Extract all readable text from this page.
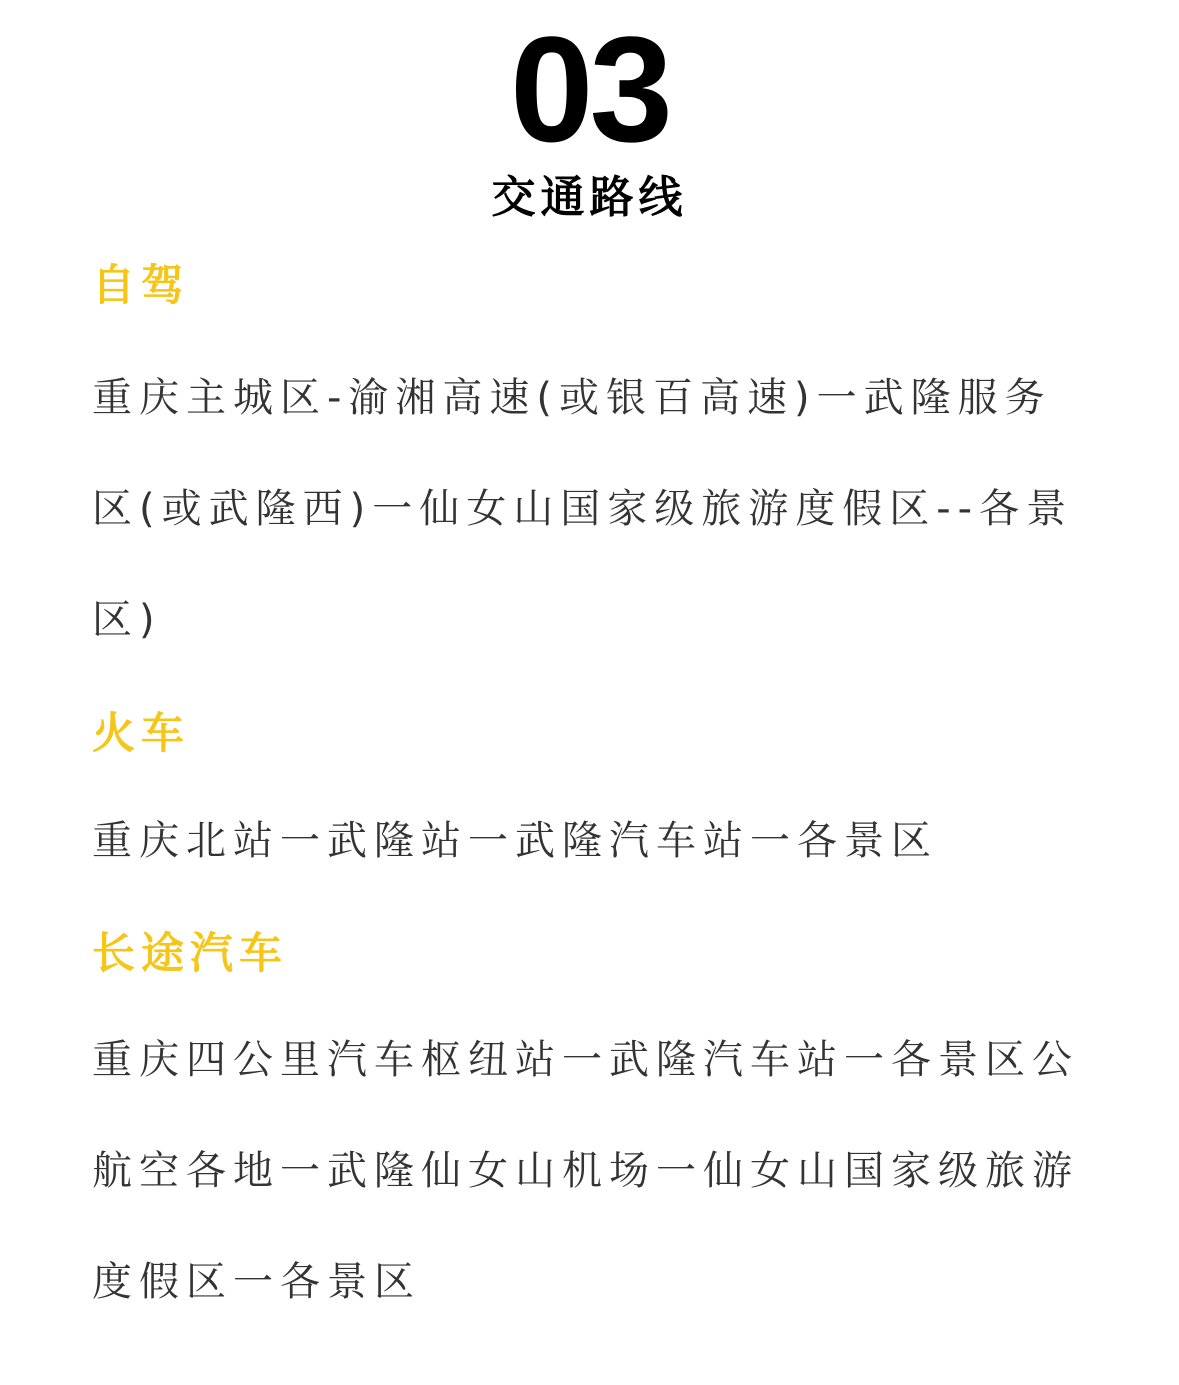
03
交通路线
自驾

重庆主城区-渝湘高速(或银百高速)一武隆服务区(或武隆西)一仙女山国家级旅游度假区--各景区)

火车

重庆北站一武隆站一武隆汽车站一各景区

长途汽车

重庆四公里汽车枢纽站一武隆汽车站一各景区公 航空各地一武隆仙女山机场一仙女山国家级旅游度假区一各景区
